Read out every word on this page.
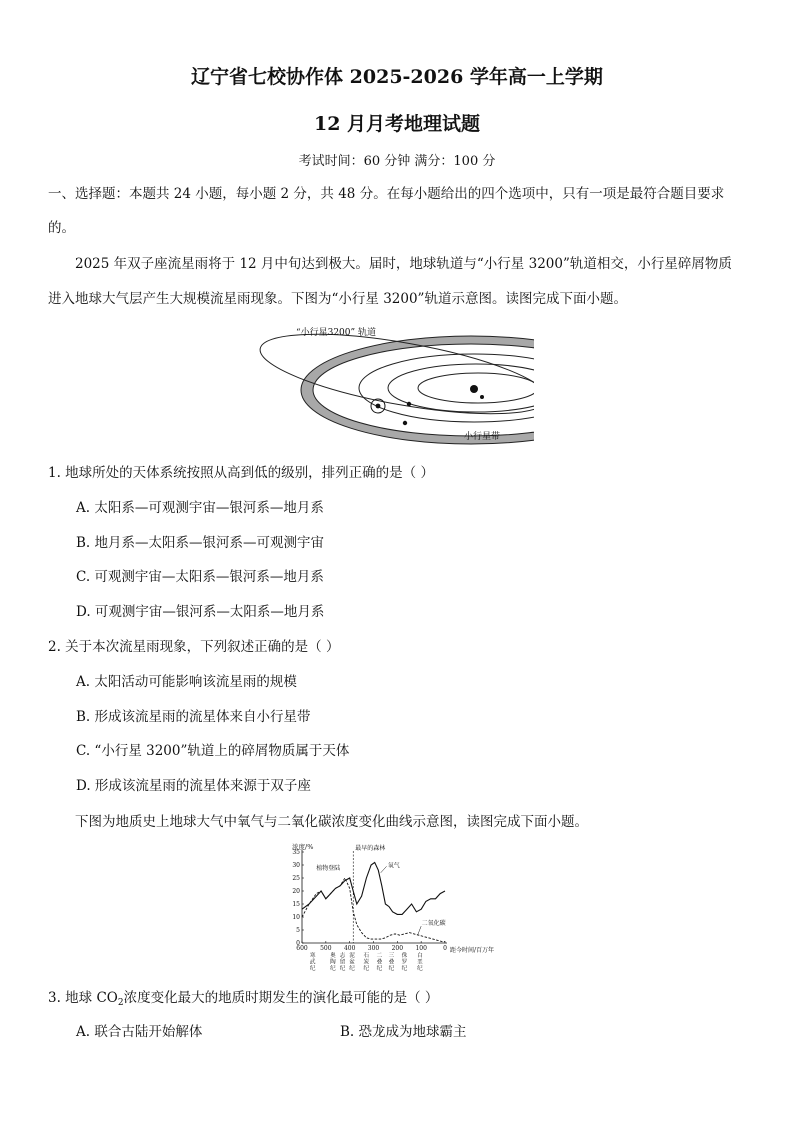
辽宁省七校协作体 2025-2026 学年高一上学期
12 月月考地理试题
考试时间：60 分钟 满分：100 分
一、选择题：本题共 24 小题，每小题 2 分，共 48 分。在每小题给出的四个选项中，只有一项是最符合题目要求
的。
2025 年双子座流星雨将于 12 月中旬达到极大。届时，地球轨道与“小行星 3200”轨道相交，小行星碎屑物质
进入地球大气层产生大规模流星雨现象。下图为“小行星 3200”轨道示意图。读图完成下面小题。
“小行星3200” 轨道
小行星带
1. 地球所处的天体系统按照从高到低的级别，排列正确的是（ ）
A. 太阳系—可观测宇宙—银河系—地月系
B. 地月系—太阳系—银河系—可观测宇宙
C. 可观测宇宙—太阳系—银河系—地月系
D. 可观测宇宙—银河系—太阳系—地月系
2. 关于本次流星雨现象，下列叙述正确的是（ ）
A. 太阳活动可能影响该流星雨的规模
B. 形成该流星雨的流星体来自小行星带
C. “小行星 3200”轨道上的碎屑物质属于天体
D. 形成该流星雨的流星体来源于双子座
下图为地质史上地球大气中氧气与二氧化碳浓度变化曲线示意图，读图完成下面小题。
浓度/%
距今时间/百万年
0
5
10
15
20
25
30
35
600 500 400 300 200 100	0
寒武纪
奥陶纪
志留纪
泥盆纪
石炭纪
二叠纪
三叠纪
侏罗纪
白垩纪
最早的森林
植物登陆	氧气
二氧化碳
3. 地球 $CO_2$浓度变化最大的地质时期发生的演化最可能的是（ ）
A. 联合古陆开始解体	B. 恐龙成为地球霸主
